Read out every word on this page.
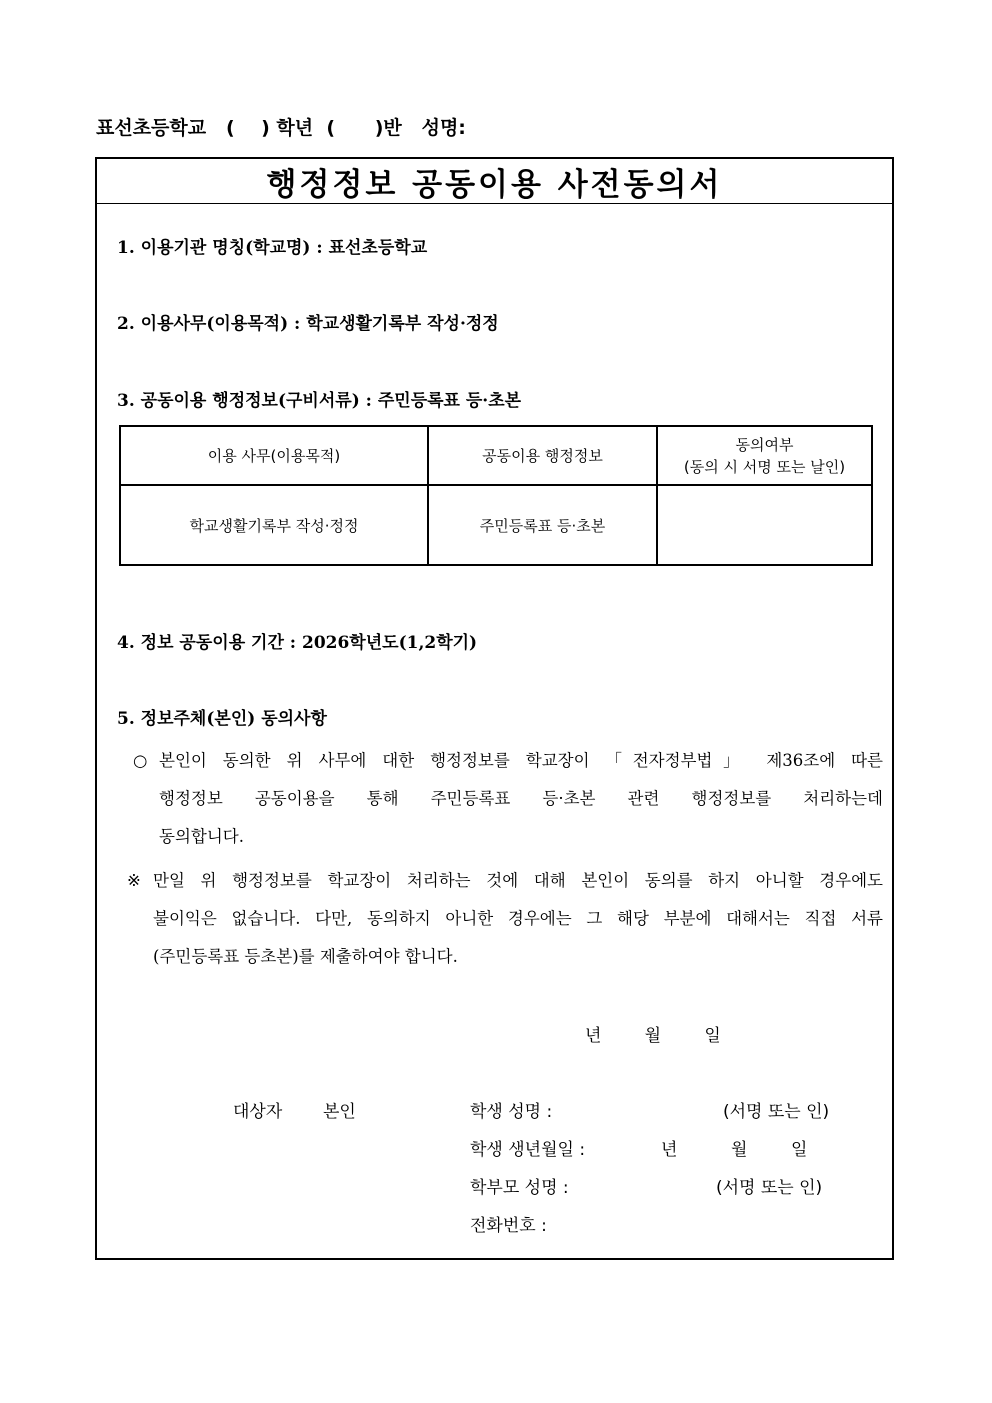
표선초등학교   (    ) 학년  (      )반   성명:
행정정보 공동이용 사전동의서
1. 이용기관 명칭(학교명) : 표선초등학교
2. 이용사무(이용목적) : 학교생활기록부 작성·정정
3. 공동이용 행정정보(구비서류) : 주민등록표 등·초본
이용 사무(이용목적)	공동이용 행정정보	동의여부
(동의 시 서명 또는 날인)

학교생활기록부 작성·정정	주민등록표 등·초본	
4. 정보 공동이용 기간 : 2026학년도(1,2학기)
5. 정보주체(본인) 동의사항
○ 본인이 동의한 위 사무에 대한 행정정보를 학교장이 「전자정부법」 제36조에 따른
행정정보 공동이용을 통해 주민등록표 등·초본 관련 행정정보를 처리하는데
동의합니다.
※ 만일 위 행정정보를 학교장이 처리하는 것에 대해 본인이 동의를 하지 아니할 경우에도
불이익은 없습니다. 다만, 동의하지 아니한 경우에는 그 해당 부분에 대해서는 직접 서류
(주민등록표 등초본)를 제출하여야 합니다.
년	월	일
대상자 본인	학생 성명 :	(서명 또는 인)
학생 생년월일 :	년	월	일
학부모 성명 :	(서명 또는 인)
전화번호 :
